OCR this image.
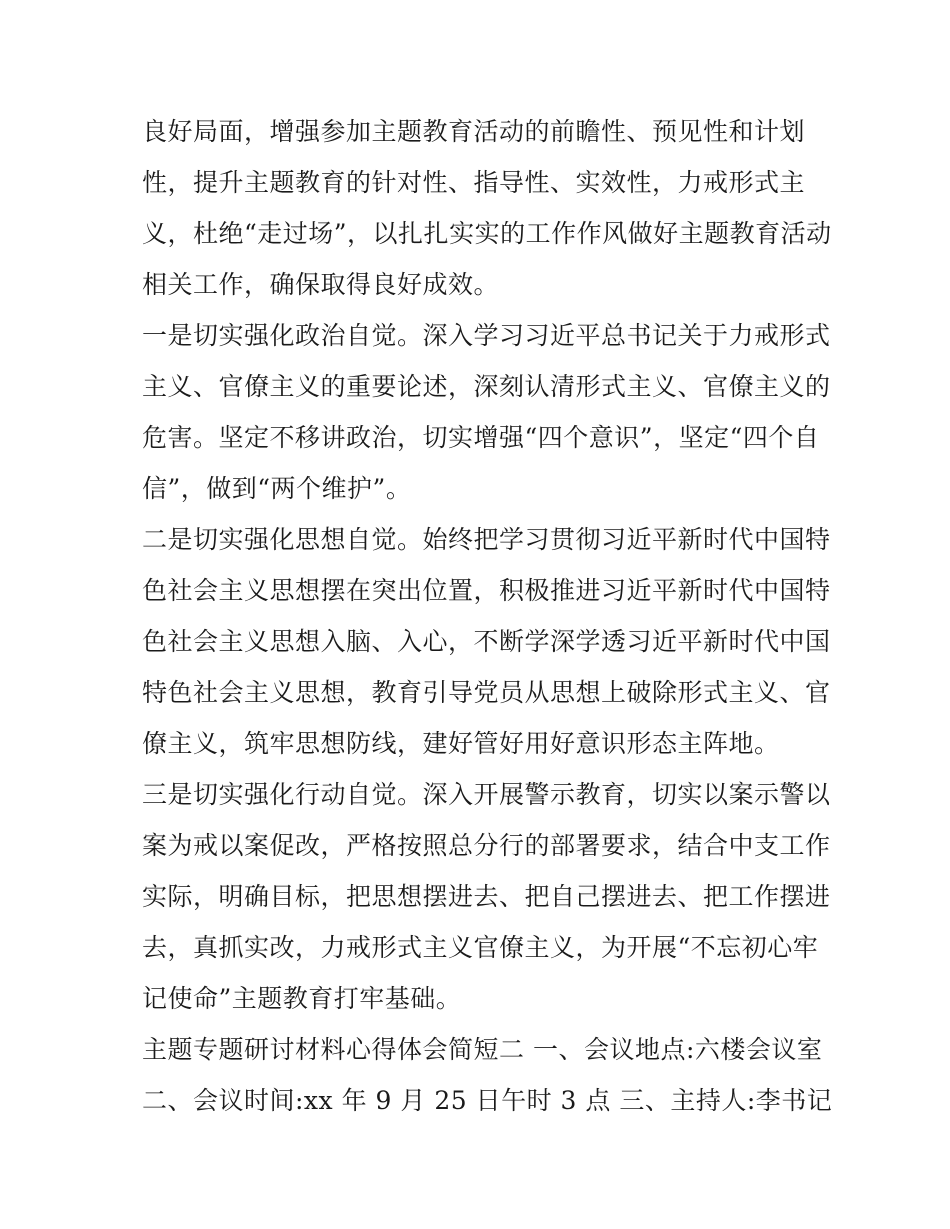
良好局面，增强参加主题教育活动的前瞻性、预见性和计划
性，提升主题教育的针对性、指导性、实效性，力戒形式主
义，杜绝“走过场”，以扎扎实实的工作作风做好主题教育活动
相关工作，确保取得良好成效。
一是切实强化政治自觉。深入学习习近平总书记关于力戒形式
主义、官僚主义的重要论述，深刻认清形式主义、官僚主义的
危害。坚定不移讲政治，切实增强“四个意识”，坚定“四个自
信”，做到“两个维护”。
二是切实强化思想自觉。始终把学习贯彻习近平新时代中国特
色社会主义思想摆在突出位置，积极推进习近平新时代中国特
色社会主义思想入脑、入心，不断学深学透习近平新时代中国
特色社会主义思想，教育引导党员从思想上破除形式主义、官
僚主义，筑牢思想防线，建好管好用好意识形态主阵地。
三是切实强化行动自觉。深入开展警示教育，切实以案示警以
案为戒以案促改，严格按照总分行的部署要求，结合中支工作
实际，明确目标，把思想摆进去、把自己摆进去、把工作摆进
去，真抓实改，力戒形式主义官僚主义，为开展“不忘初心牢
记使命”主题教育打牢基础。
主题专题研讨材料心得体会简短二 一、会议地点:六楼会议室
二、会议时间:xx 年 9 月 25 日午时 3 点 三、主持人:李书记
